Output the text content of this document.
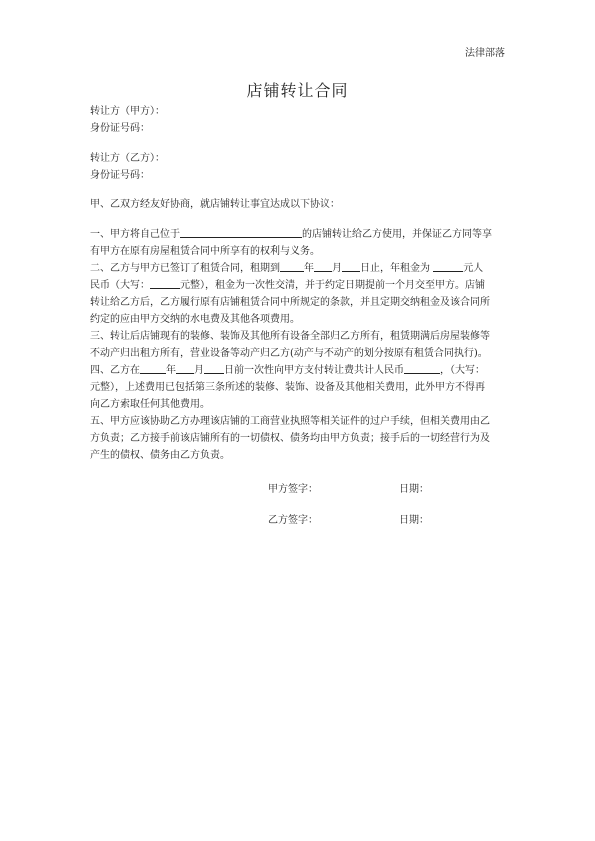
法律部落
店铺转让合同
转让方（甲方）：
身份证号码：
转让方（乙方）：
身份证号码：
甲、乙双方经友好协商，就店铺转让事宜达成以下协议：
一、甲方将自己位于	的店铺转让给乙方使用，并保证乙方同等享
有甲方在原有房屋租赁合同中所享有的权利与义务。
二、乙方与甲方已签订了租赁合同，租期到 年 月 日止，年租金为	元人
民币（大写：	元整），租金为一次性交清，并于约定日期提前一个月交至甲方。店铺
转让给乙方后，乙方履行原有店铺租赁合同中所规定的条款，并且定期交纳租金及该合同所
约定的应由甲方交纳的水电费及其他各项费用。
三、转让后店铺现有的装修、装饰及其他所有设备全部归乙方所有，租赁期满后房屋装修等
不动产归出租方所有，营业设备等动产归乙方(动产与不动产的划分按原有租赁合同执行)。
四、乙方在	年 月 日前一次性向甲方支付转让费共计人民币	，（大写：
元整），上述费用已包括第三条所述的装修、装饰、设备及其他相关费用，此外甲方不得再
向乙方索取任何其他费用。
五、甲方应该协助乙方办理该店铺的工商营业执照等相关证件的过户手续，但相关费用由乙
方负责；乙方接手前该店铺所有的一切债权、债务均由甲方负责；接手后的一切经营行为及
产生的债权、债务由乙方负责。
甲方签字：	日期：
乙方签字：	日期：
